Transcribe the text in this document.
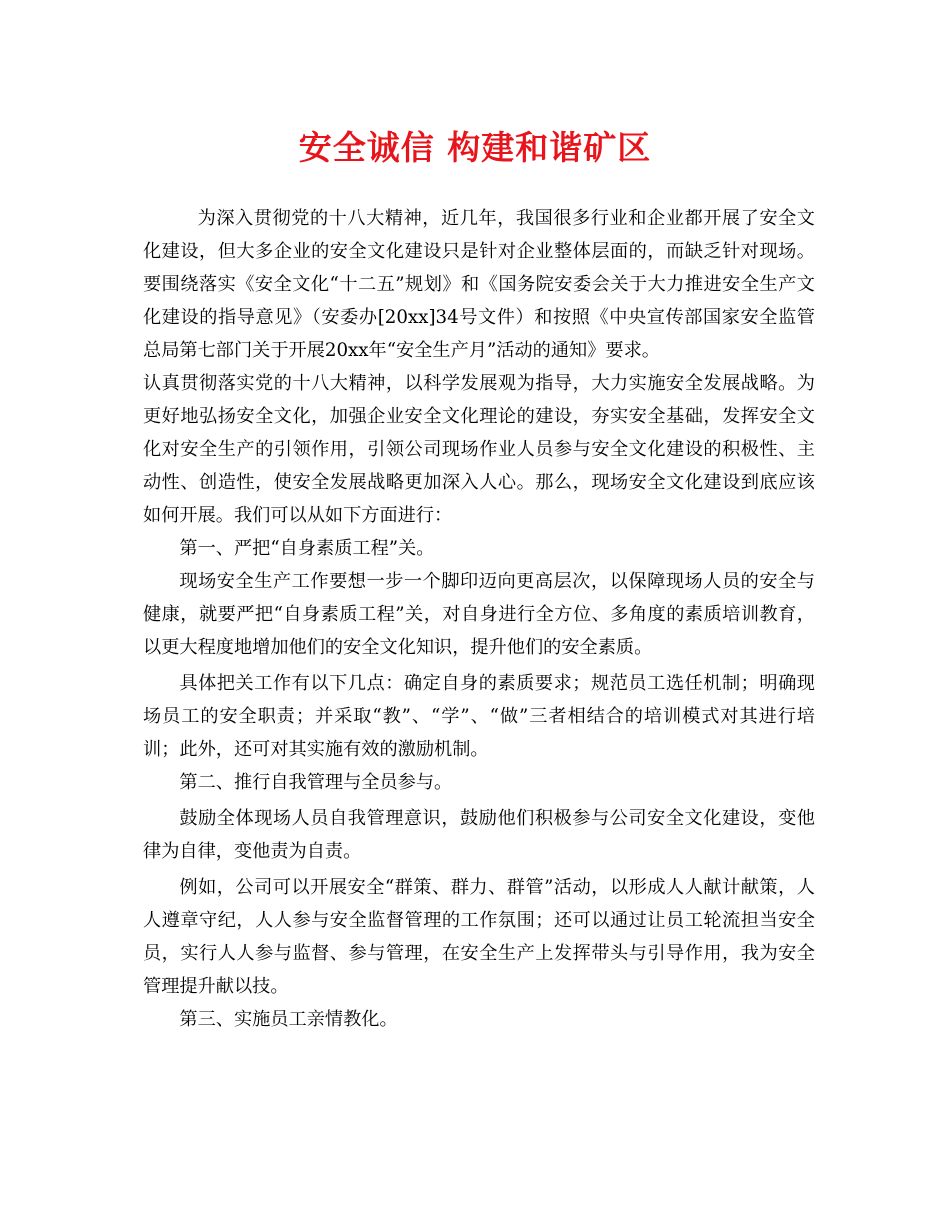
安全诚信 构建和谐矿区

为深入贯彻党的十八大精神，近几年，我国很多行业和企业都开展了安全文化建设，但大多企业的安全文化建设只是针对企业整体层面的，而缺乏针对现场。要围绕落实《安全文化“十二五”规划》和《国务院安委会关于大力推进安全生产文化建设的指导意见》（安委办[20xx]34号文件）和按照《中央宣传部国家安全监管总局第七部门关于开展20xx年“安全生产月”活动的通知》要求。

认真贯彻落实党的十八大精神，以科学发展观为指导，大力实施安全发展战略。为更好地弘扬安全文化，加强企业安全文化理论的建设，夯实安全基础，发挥安全文化对安全生产的引领作用，引领公司现场作业人员参与安全文化建设的积极性、主动性、创造性，使安全发展战略更加深入人心。那么，现场安全文化建设到底应该如何开展。我们可以从如下方面进行：

第一、严把“自身素质工程”关。

现场安全生产工作要想一步一个脚印迈向更高层次，以保障现场人员的安全与健康，就要严把“自身素质工程”关，对自身进行全方位、多角度的素质培训教育，以更大程度地增加他们的安全文化知识，提升他们的安全素质。

具体把关工作有以下几点：确定自身的素质要求；规范员工选任机制；明确现场员工的安全职责；并采取“教”、“学”、“做”三者相结合的培训模式对其进行培训；此外，还可对其实施有效的激励机制。

第二、推行自我管理与全员参与。

鼓励全体现场人员自我管理意识，鼓励他们积极参与公司安全文化建设，变他律为自律，变他责为自责。

例如，公司可以开展安全“群策、群力、群管”活动，以形成人人献计献策，人人遵章守纪，人人参与安全监督管理的工作氛围；还可以通过让员工轮流担当安全员，实行人人参与监督、参与管理，在安全生产上发挥带头与引导作用，我为安全管理提升献以技。

第三、实施员工亲情教化。
